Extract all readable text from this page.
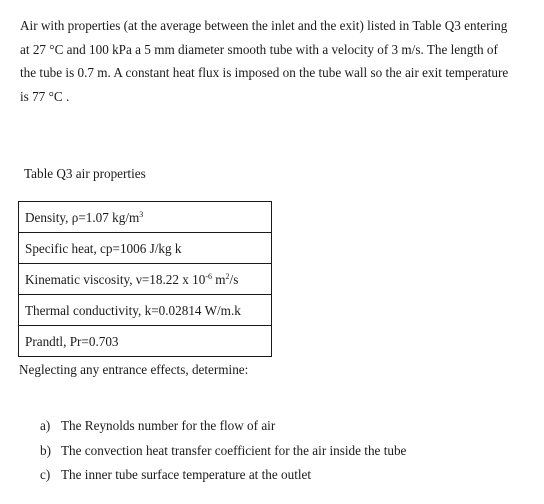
Air with properties (at the average between the inlet and the exit) listed in Table Q3 entering
at 27 °C and 100 kPa a 5 mm diameter smooth tube with a velocity of 3 m/s. The length of
the tube is 0.7 m. A constant heat flux is imposed on the tube wall so the air exit temperature
is 77 °C .

Table Q3 air properties

Density, ρ=1.07 $kg/m^3$
Specific heat, cp=1006 J/kg k
Kinematic viscosity, ν=18.22 x $10^{-6}$ $m^2/s$
Thermal conductivity, k=0.02814 W/m.k
Prandtl, Pr=0.703

Neglecting any entrance effects, determine:

a) The Reynolds number for the flow of air
b) The convection heat transfer coefficient for the air inside the tube
c) The inner tube surface temperature at the outlet
